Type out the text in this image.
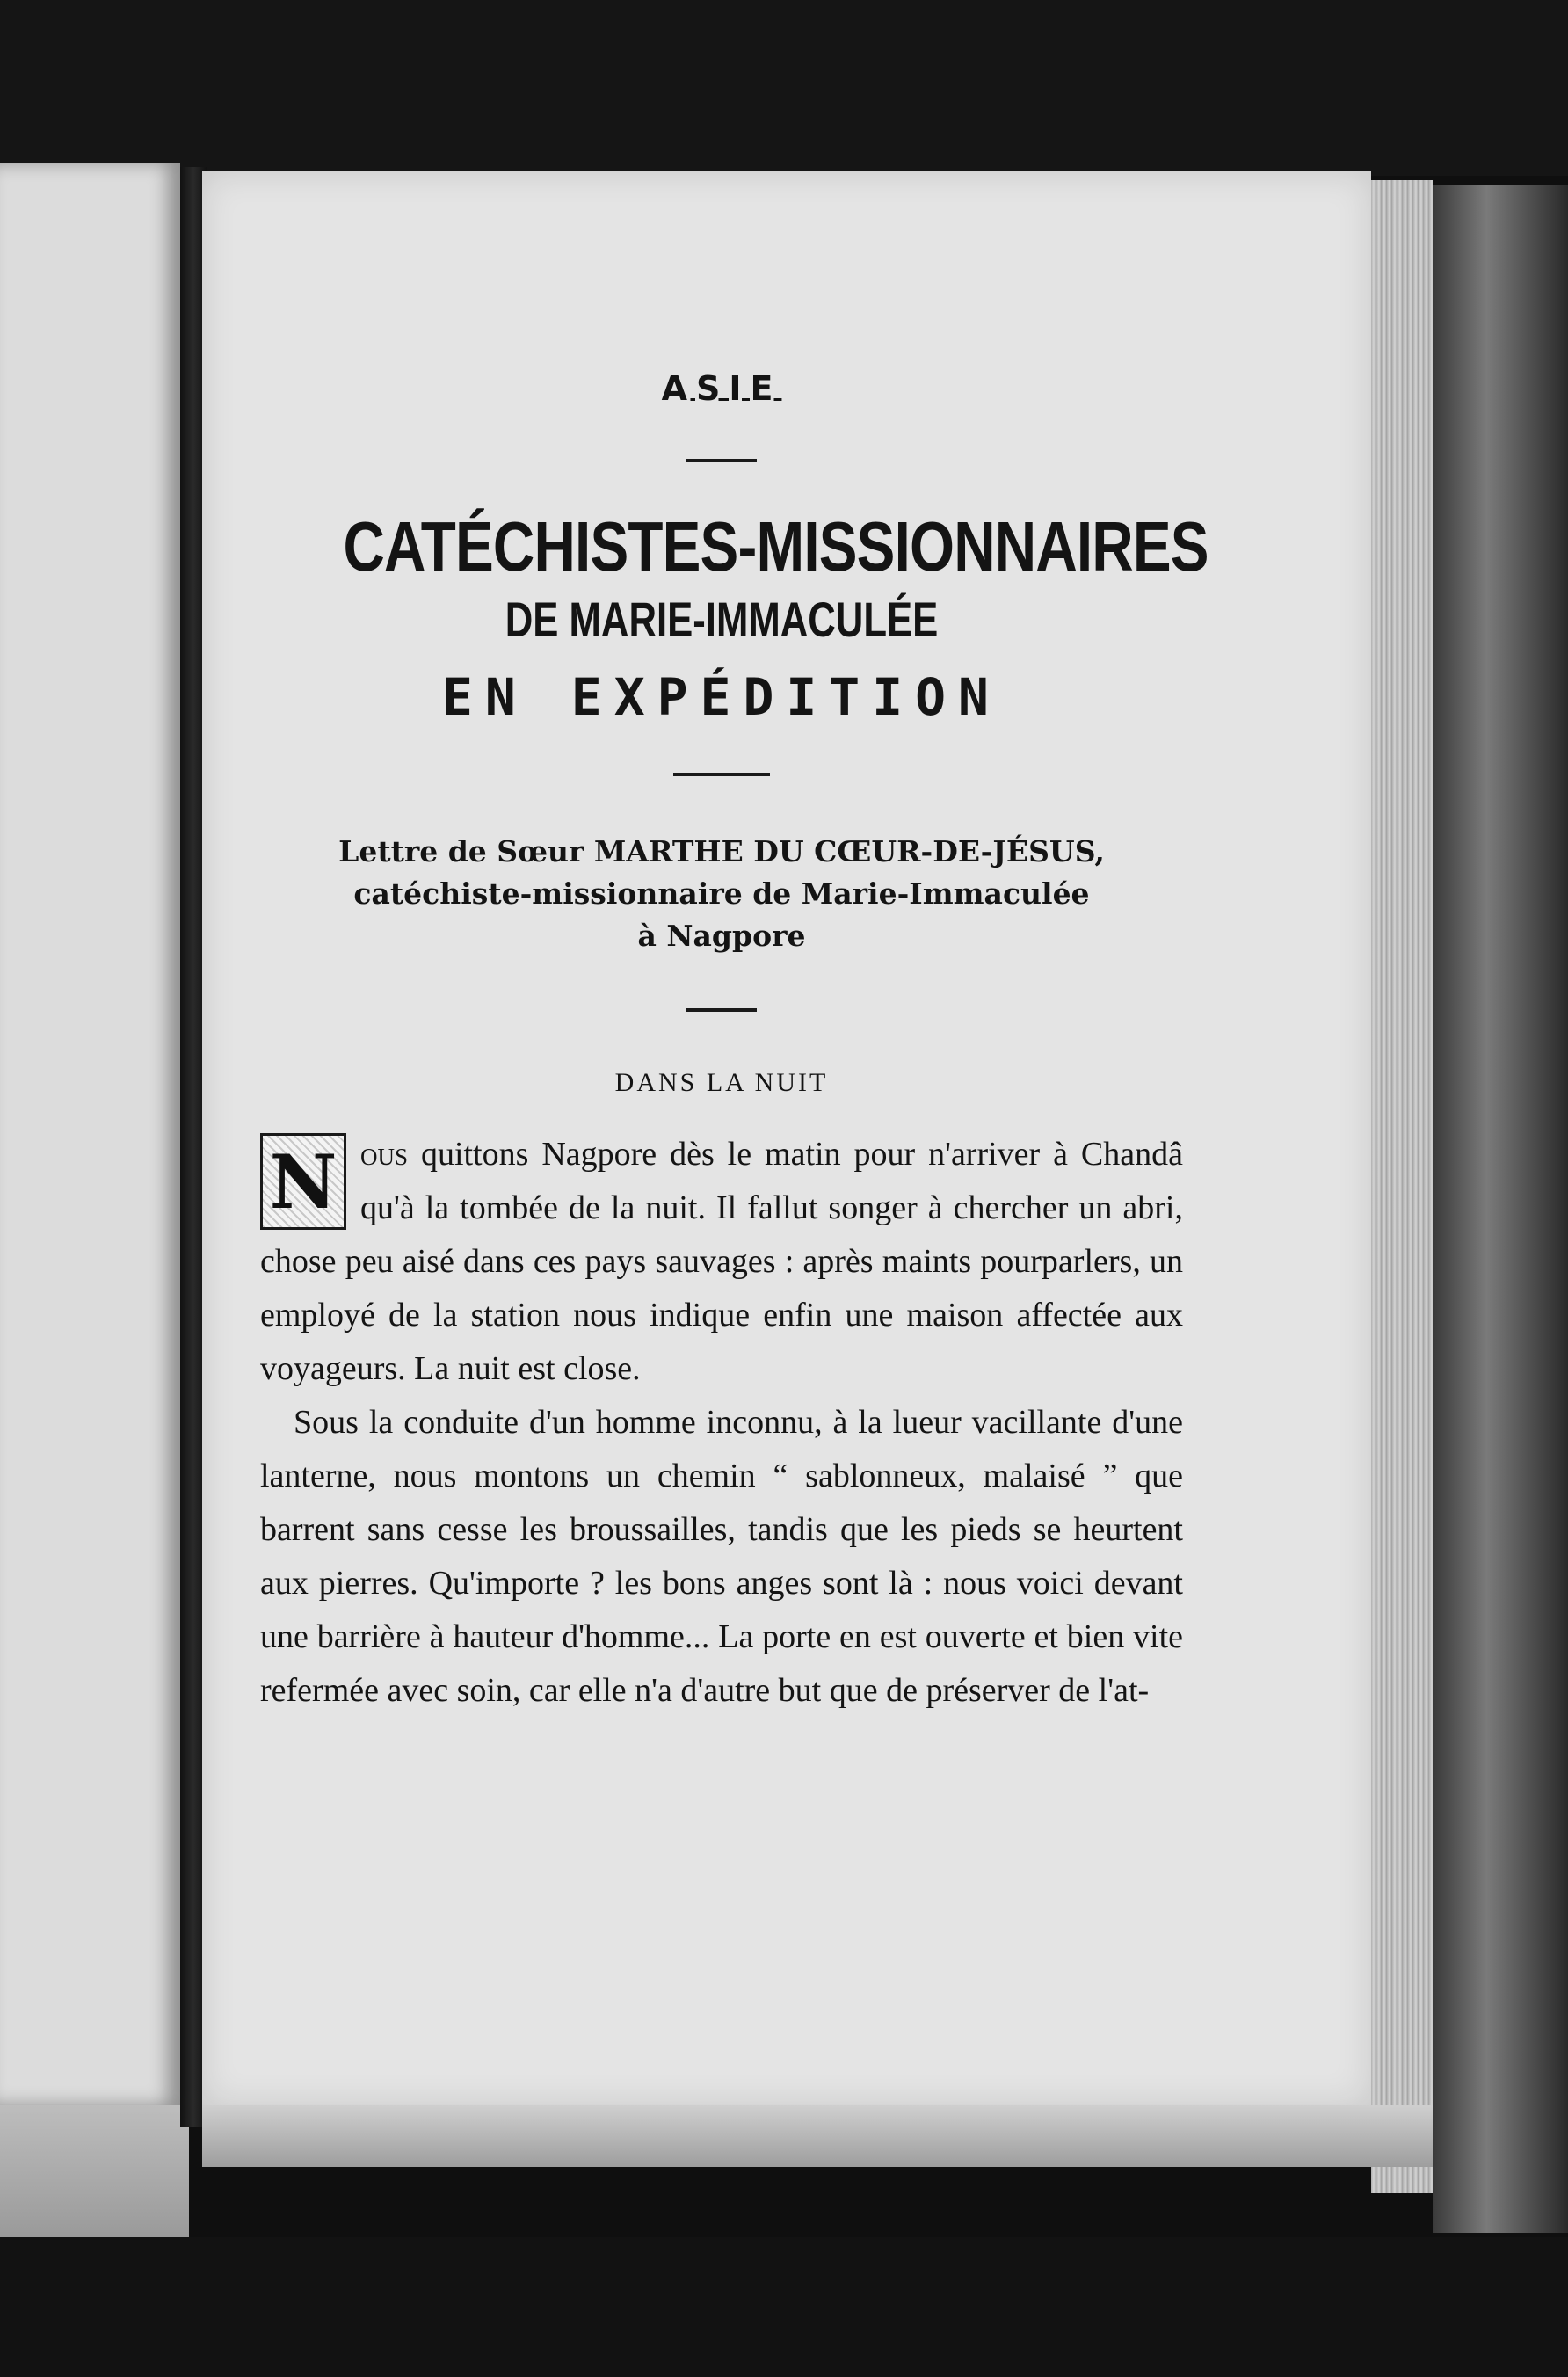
ASIE

CATÉCHISTES-MISSIONNAIRES

DE MARIE-IMMACULÉE

EN EXPÉDITION

Lettre de Sœur MARTHE DU CŒUR-DE-JÉSUS,

catéchiste-missionnaire de Marie-Immaculée

à Nagpore

DANS LA NUIT

N ous quittons Nagpore dès le matin pour n'arriver à Chandâ qu'à la tombée de la nuit. Il fallut songer à chercher un abri, chose peu aisé dans ces pays sauvages : après maints pourparlers, un employé de la station nous indique enfin une maison affectée aux voyageurs. La nuit est close.

Sous la conduite d'un homme inconnu, à la lueur vacillante d'une lanterne, nous montons un chemin “ sablonneux, malaisé ” que barrent sans cesse les broussailles, tandis que les pieds se heurtent aux pierres. Qu'importe ? les bons anges sont là : nous voici devant une barrière à hauteur d'homme... La porte en est ouverte et bien vite refermée avec soin, car elle n'a d'autre but que de préserver de l'at-
